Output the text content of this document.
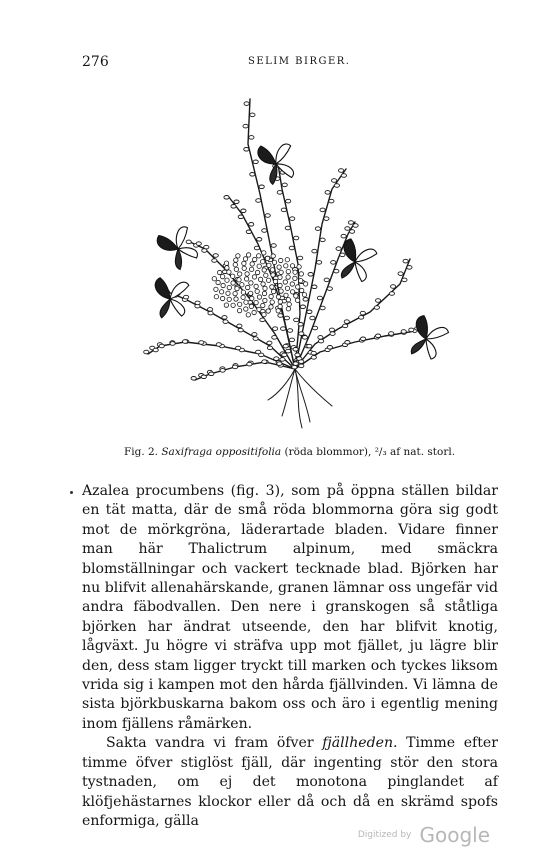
276	SELIM BIRGER.
Fig. 2. Saxifraga oppositifolia (röda blommor), ²/₃ af nat. storl.

Azalea procumbens (fig. 3), som på öppna ställen bildar en tät matta, där de små röda blommorna göra sig godt mot de mörkgröna, läderartade bladen. Vidare finner man här Thalictrum alpinum, med smäckra blomställningar och vackert tecknade blad. Björken har nu blifvit allenahärskande, granen lämnar oss ungefär vid andra fäbodvallen. Den nere i granskogen så ståtliga björken har ändrat utseende, den har blifvit knotig, lågväxt. Ju högre vi sträfva upp mot fjället, ju lägre blir den, dess stam ligger tryckt till marken och tyckes liksom vrida sig i kampen mot den hårda fjällvinden. Vi lämna de sista björkbuskarna bakom oss och äro i egentlig mening inom fjällens råmärken.

Sakta vandra vi fram öfver fjällheden. Timme efter timme öfver stiglöst fjäll, där ingenting stör den stora tystnaden, om ej det monotona pinglandet af klöfjehästarnes klockor eller då och då en skrämd spofs enformiga, gälla

Digitized by Google
